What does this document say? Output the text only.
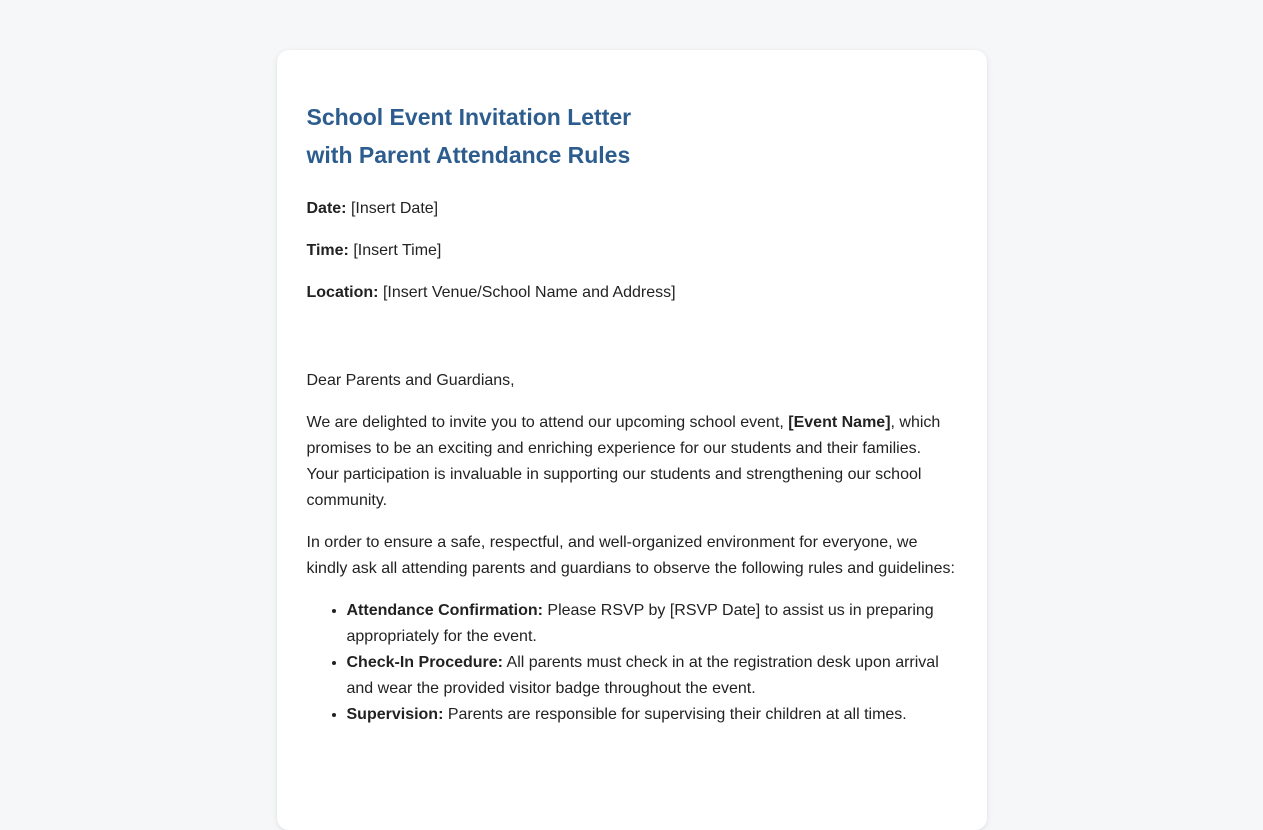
School Event Invitation Letter
with Parent Attendance Rules

Date: [Insert Date]

Time: [Insert Time]

Location: [Insert Venue/School Name and Address]

Dear Parents and Guardians,

We are delighted to invite you to attend our upcoming school event, [Event Name], which promises to be an exciting and enriching experience for our students and their families. Your participation is invaluable in supporting our students and strengthening our school community.

In order to ensure a safe, respectful, and well-organized environment for everyone, we kindly ask all attending parents and guardians to observe the following rules and guidelines:

• Attendance Confirmation: Please RSVP by [RSVP Date] to assist us in preparing appropriately for the event.
• Check-In Procedure: All parents must check in at the registration desk upon arrival and wear the provided visitor badge throughout the event.
• Supervision: Parents are responsible for supervising their children at all times.
